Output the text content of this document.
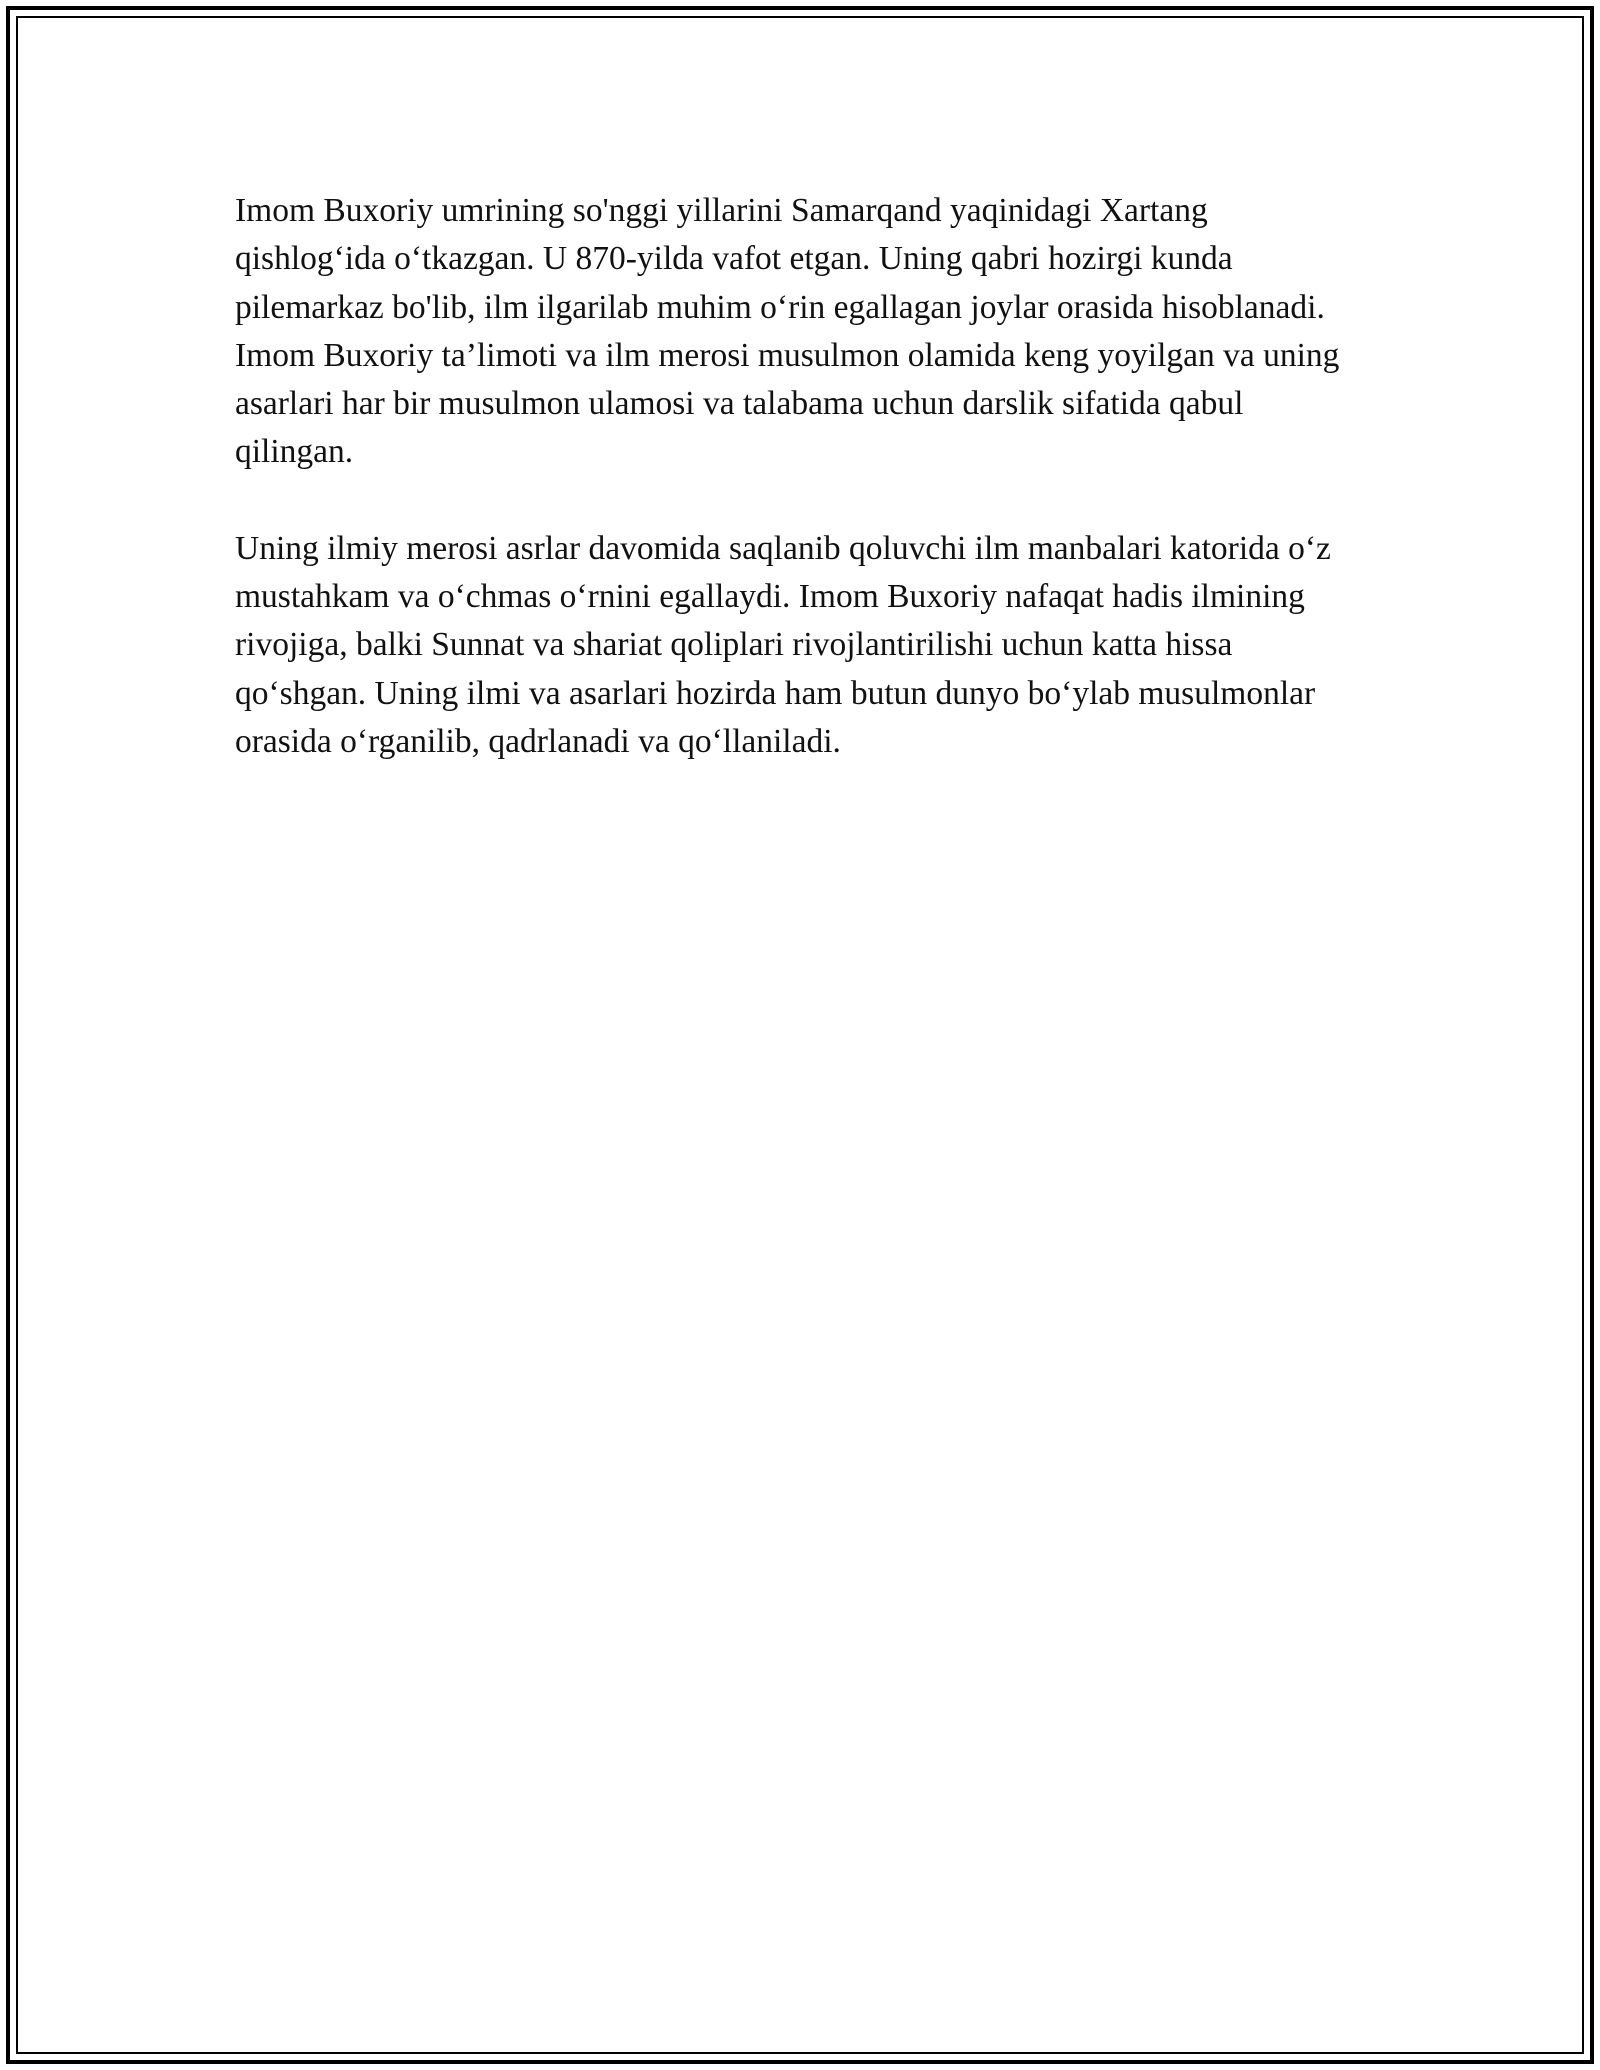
Imom Buxoriy umrining so'nggi yillarini Samarqand yaqinidagi Xartang qishlog‘ida o‘tkazgan. U 870-yilda vafot etgan. Uning qabri hozirgi kunda pilemarkaz bo'lib, ilm ilgarilab muhim o‘rin egallagan joylar orasida hisoblanadi. Imom Buxoriy ta’limoti va ilm merosi musulmon olamida keng yoyilgan va uning asarlari har bir musulmon ulamosi va talabama uchun darslik sifatida qabul qilingan.

Uning ilmiy merosi asrlar davomida saqlanib qoluvchi ilm manbalari katorida o‘z mustahkam va o‘chmas o‘rnini egallaydi. Imom Buxoriy nafaqat hadis ilmining rivojiga, balki Sunnat va shariat qoliplari rivojlantirilishi uchun katta hissa qo‘shgan. Uning ilmi va asarlari hozirda ham butun dunyo bo‘ylab musulmonlar orasida o‘rganilib, qadrlanadi va qo‘llaniladi.
